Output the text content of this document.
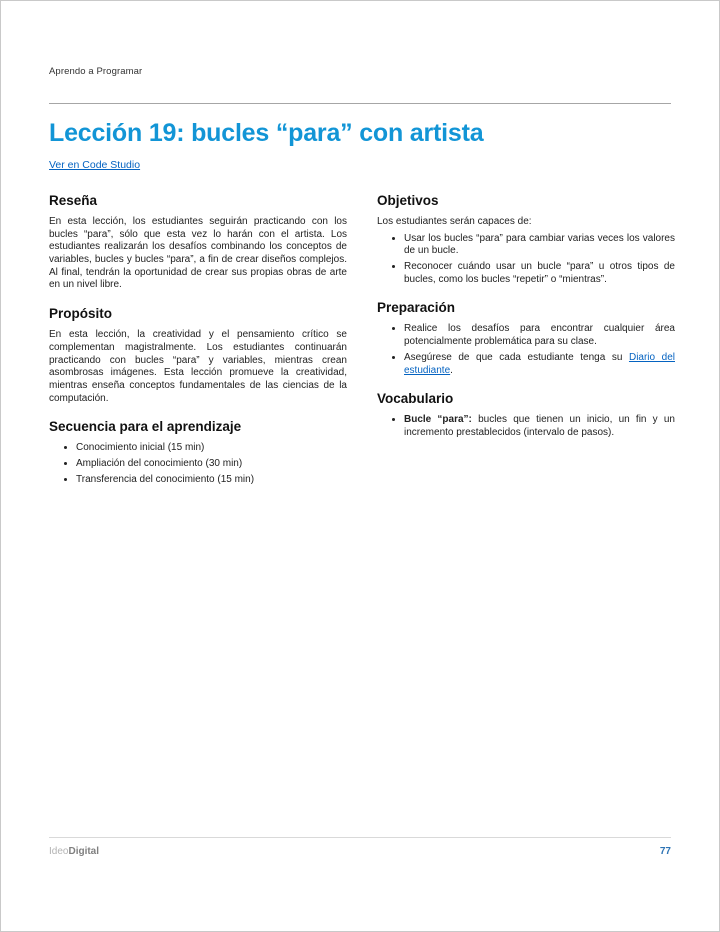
Aprendo a Programar
Lección 19: bucles “para” con artista
Ver en Code Studio
Reseña

En esta lección, los estudiantes seguirán practicando con los bucles “para”, sólo que esta vez lo harán con el artista. Los estudiantes realizarán los desafíos combinando los conceptos de variables, bucles y bucles “para”, a fin de crear diseños complejos. Al final, tendrán la oportunidad de crear sus propias obras de arte en un nivel libre.

Propósito

En esta lección, la creatividad y el pensamiento crítico se complementan magistralmente. Los estudiantes continuarán practicando con bucles “para” y variables, mientras crean asombrosas imágenes. Esta lección promueve la creatividad, mientras enseña conceptos fundamentales de las ciencias de la computación.

Secuencia para el aprendizaje
• Conocimiento inicial (15 min)
• Ampliación del conocimiento (30 min)
• Transferencia del conocimiento (15 min)
Objetivos

Los estudiantes serán capaces de:

• Usar los bucles “para” para cambiar varias veces los valores de un bucle.
• Reconocer cuándo usar un bucle “para” u otros tipos de bucles, como los bucles “repetir” o “mientras”.
Preparación
• Realice los desafíos para encontrar cualquier área potencialmente problemática para su clase.
• Asegúrese de que cada estudiante tenga su Diario del estudiante.
Vocabulario
• Bucle “para”: bucles que tienen un inicio, un fin y un incremento prestablecidos (intervalo de pasos).
IdeoDigital	77
